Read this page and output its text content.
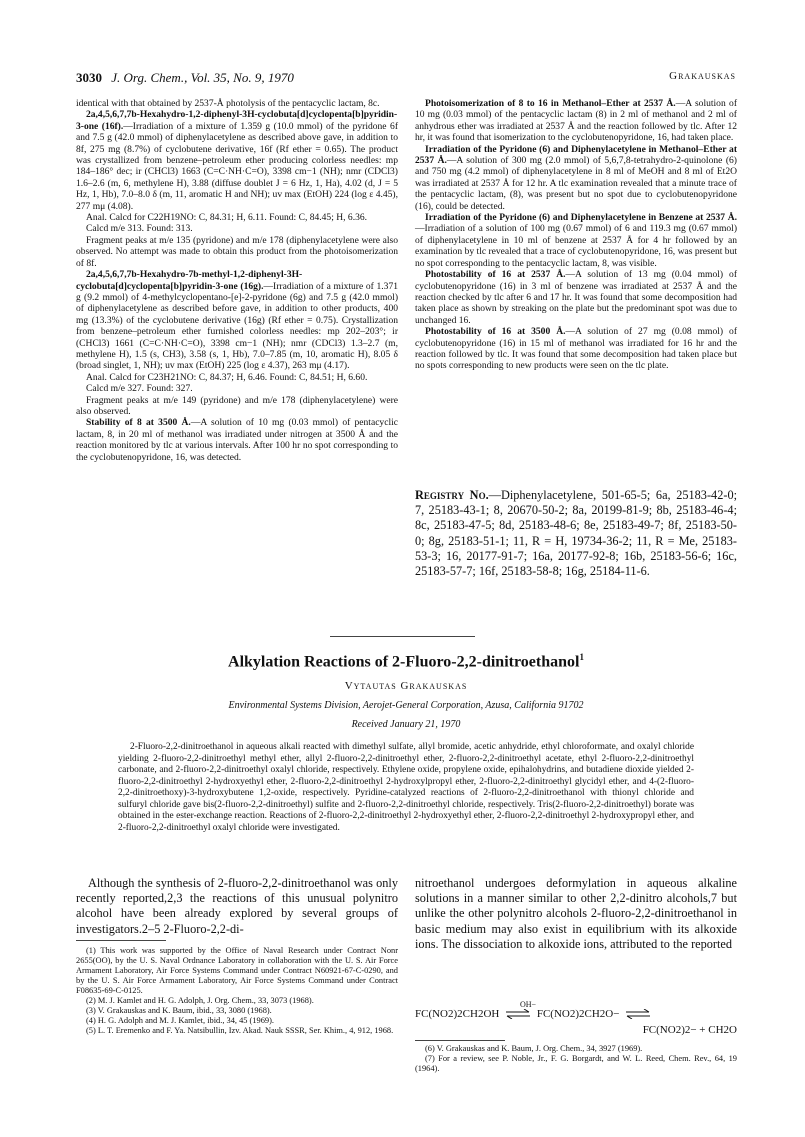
3030 J. Org. Chem., Vol. 35, No. 9, 1970	Grakauskas

identical with that obtained by 2537-Å photolysis of the pentacyclic lactam, 8c.

2a,4,5,6,7,7b-Hexahydro-1,2-diphenyl-3H-cyclobuta[d]cyclopenta[b]pyridin-3-one (16f).—Irradiation of a mixture of 1.359 g (10.0 mmol) of the pyridone 6f and 7.5 g (42.0 mmol) of diphenylacetylene as described above gave, in addition to 8f, 275 mg (8.7%) of cyclobutene derivative, 16f (Rf ether = 0.65). The product was crystallized from benzene–petroleum ether producing colorless needles: mp 184–186° dec; ir (CHCl3) 1663 (C=C·NH·C=O), 3398 cm−1 (NH); nmr (CDCl3) 1.6–2.6 (m, 6, methylene H), 3.88 (diffuse doublet J = 6 Hz, 1, Ha), 4.02 (d, J = 5 Hz, 1, Hb), 7.0–8.0 δ (m, 11, aromatic H and NH); uv max (EtOH) 224 (log ε 4.45), 277 mμ (4.08).

Anal. Calcd for C22H19NO: C, 84.31; H, 6.11. Found: C, 84.45; H, 6.36.

Calcd m/e 313. Found: 313.

Fragment peaks at m/e 135 (pyridone) and m/e 178 (diphenylacetylene were also observed. No attempt was made to obtain this product from the photoisomerization of 8f.

2a,4,5,6,7,7b-Hexahydro-7b-methyl-1,2-diphenyl-3H-cyclobuta[d]cyclopenta[b]pyridin-3-one (16g).—Irradiation of a mixture of 1.371 g (9.2 mmol) of 4-methylcyclopentano-[e]-2-pyridone (6g) and 7.5 g (42.0 mmol) of diphenylacetylene as described before gave, in addition to other products, 400 mg (13.3%) of the cyclobutene derivative (16g) (Rf ether = 0.75). Crystallization from benzene–petroleum ether furnished colorless needles: mp 202–203°; ir (CHCl3) 1661 (C=C·NH·C=O), 3398 cm−1 (NH); nmr (CDCl3) 1.3–2.7 (m, methylene H), 1.5 (s, CH3), 3.58 (s, 1, Hb), 7.0–7.85 (m, 10, aromatic H), 8.05 δ (broad singlet, 1, NH); uv max (EtOH) 225 (log ε 4.37), 263 mμ (4.17).

Anal. Calcd for C23H21NO: C, 84.37; H, 6.46. Found: C, 84.51; H, 6.60.

Calcd m/e 327. Found: 327.

Fragment peaks at m/e 149 (pyridone) and m/e 178 (diphenylacetylene) were also observed.

Stability of 8 at 3500 Å.—A solution of 10 mg (0.03 mmol) of pentacyclic lactam, 8, in 20 ml of methanol was irradiated under nitrogen at 3500 Å and the reaction monitored by tlc at various intervals. After 100 hr no spot corresponding to the cyclobutenopyridone, 16, was detected.

Photoisomerization of 8 to 16 in Methanol–Ether at 2537 Å.—A solution of 10 mg (0.03 mmol) of the pentacyclic lactam (8) in 2 ml of methanol and 2 ml of anhydrous ether was irradiated at 2537 Å and the reaction followed by tlc. After 12 hr, it was found that isomerization to the cyclobutenopyridone, 16, had taken place.

Irradiation of the Pyridone (6) and Diphenylacetylene in Methanol–Ether at 2537 Å.—A solution of 300 mg (2.0 mmol) of 5,6,7,8-tetrahydro-2-quinolone (6) and 750 mg (4.2 mmol) of diphenylacetylene in 8 ml of MeOH and 8 ml of Et2O was irradiated at 2537 Å for 12 hr. A tlc examination revealed that a minute trace of the pentacyclic lactam, (8), was present but no spot due to cyclobutenopyridone (16), could be detected.

Irradiation of the Pyridone (6) and Diphenylacetylene in Benzene at 2537 Å.—Irradiation of a solution of 100 mg (0.67 mmol) of 6 and 119.3 mg (0.67 mmol) of diphenylacetylene in 10 ml of benzene at 2537 Å for 4 hr followed by an examination by tlc revealed that a trace of cyclobutenopyridone, 16, was present but no spot corresponding to the pentacyclic lactam, 8, was visible.

Photostability of 16 at 2537 Å.—A solution of 13 mg (0.04 mmol) of cyclobutenopyridone (16) in 3 ml of benzene was irradiated at 2537 Å and the reaction checked by tlc after 6 and 17 hr. It was found that some decomposition had taken place as shown by streaking on the plate but the predominant spot was due to unchanged 16.

Photostability of 16 at 3500 Å.—A solution of 27 mg (0.08 mmol) of cyclobutenopyridone (16) in 15 ml of methanol was irradiated for 16 hr and the reaction followed by tlc. It was found that some decomposition had taken place but no spots corresponding to new products were seen on the tlc plate.

Registry No.—Diphenylacetylene, 501-65-5; 6a, 25183-42-0; 7, 25183-43-1; 8, 20670-50-2; 8a, 20199-81-9; 8b, 25183-46-4; 8c, 25183-47-5; 8d, 25183-48-6; 8e, 25183-49-7; 8f, 25183-50-0; 8g, 25183-51-1; 11, R = H, 19734-36-2; 11, R = Me, 25183-53-3; 16, 20177-91-7; 16a, 20177-92-8; 16b, 25183-56-6; 16c, 25183-57-7; 16f, 25183-58-8; 16g, 25184-11-6.
Alkylation Reactions of 2-Fluoro-2,2-dinitroethanol$^1$
Vytautas Grakauskas
Environmental Systems Division, Aerojet-General Corporation, Azusa, California 91702
Received January 21, 1970
2-Fluoro-2,2-dinitroethanol in aqueous alkali reacted with dimethyl sulfate, allyl bromide, acetic anhydride, ethyl chloroformate, and oxalyl chloride yielding 2-fluoro-2,2-dinitroethyl methyl ether, allyl 2-fluoro-2,2-dinitroethyl ether, 2-fluoro-2,2-dinitroethyl acetate, ethyl 2-fluoro-2,2-dinitroethyl carbonate, and 2-fluoro-2,2-dinitroethyl oxalyl chloride, respectively. Ethylene oxide, propylene oxide, epihalohydrins, and butadiene dioxide yielded 2-fluoro-2,2-dinitroethyl 2-hydroxyethyl ether, 2-fluoro-2,2-dinitroethyl 2-hydroxylpropyl ether, 2-fluoro-2,2-dinitroethyl glycidyl ether, and 4-(2-fluoro-2,2-dinitroethoxy)-3-hydroxybutene 1,2-oxide, respectively. Pyridine-catalyzed reactions of 2-fluoro-2,2-dinitroethanol with thionyl chloride and sulfuryl chloride gave bis(2-fluoro-2,2-dinitroethyl) sulfite and 2-fluoro-2,2-dinitroethyl chloride, respectively. Tris(2-fluoro-2,2-dinitroethyl) borate was obtained in the ester-exchange reaction. Reactions of 2-fluoro-2,2-dinitroethyl 2-hydroxyethyl ether, 2-fluoro-2,2-dinitroethyl 2-hydroxypropyl ether, and 2-fluoro-2,2-dinitroethyl oxalyl chloride were investigated.
Although the synthesis of 2-fluoro-2,2-dinitroethanol was only recently reported,2,3 the reactions of this unusual polynitro alcohol have been already explored by several groups of investigators.2–5 2-Fluoro-2,2-di-
nitroethanol undergoes deformylation in aqueous alkaline solutions in a manner similar to other 2,2-dinitro alcohols,7 but unlike the other polynitro alcohols 2-fluoro-2,2-dinitroethanol in basic medium may also exist in equilibrium with its alkoxide ions. The dissociation to alkoxide ions, attributed to the reported
(1) This work was supported by the Office of Naval Research under Contract Nonr 2655(OO), by the U. S. Naval Ordnance Laboratory in collaboration with the U. S. Air Force Armament Laboratory, Air Force Systems Command under Contract N60921-67-C-0290, and by the U. S. Air Force Armament Laboratory, Air Force Systems Command under Contract F08635-69-C-0125.
(2) M. J. Kamlet and H. G. Adolph, J. Org. Chem., 33, 3073 (1968).
(3) V. Grakauskas and K. Baum, ibid., 33, 3080 (1968).
(4) H. G. Adolph and M. J. Kamlet, ibid., 34, 45 (1969).
(5) L. T. Eremenko and F. Ya. Natsibullin, Izv. Akad. Nauk SSSR, Ser. Khim., 4, 912, 1968.
OH−
FC(NO2)2CH2OH ⇌ FC(NO2)2CH2O− ⇌
FC(NO2)2− + CH2O
(6) V. Grakauskas and K. Baum, J. Org. Chem., 34, 3927 (1969).
(7) For a review, see P. Noble, Jr., F. G. Borgardt, and W. L. Reed, Chem. Rev., 64, 19 (1964).
